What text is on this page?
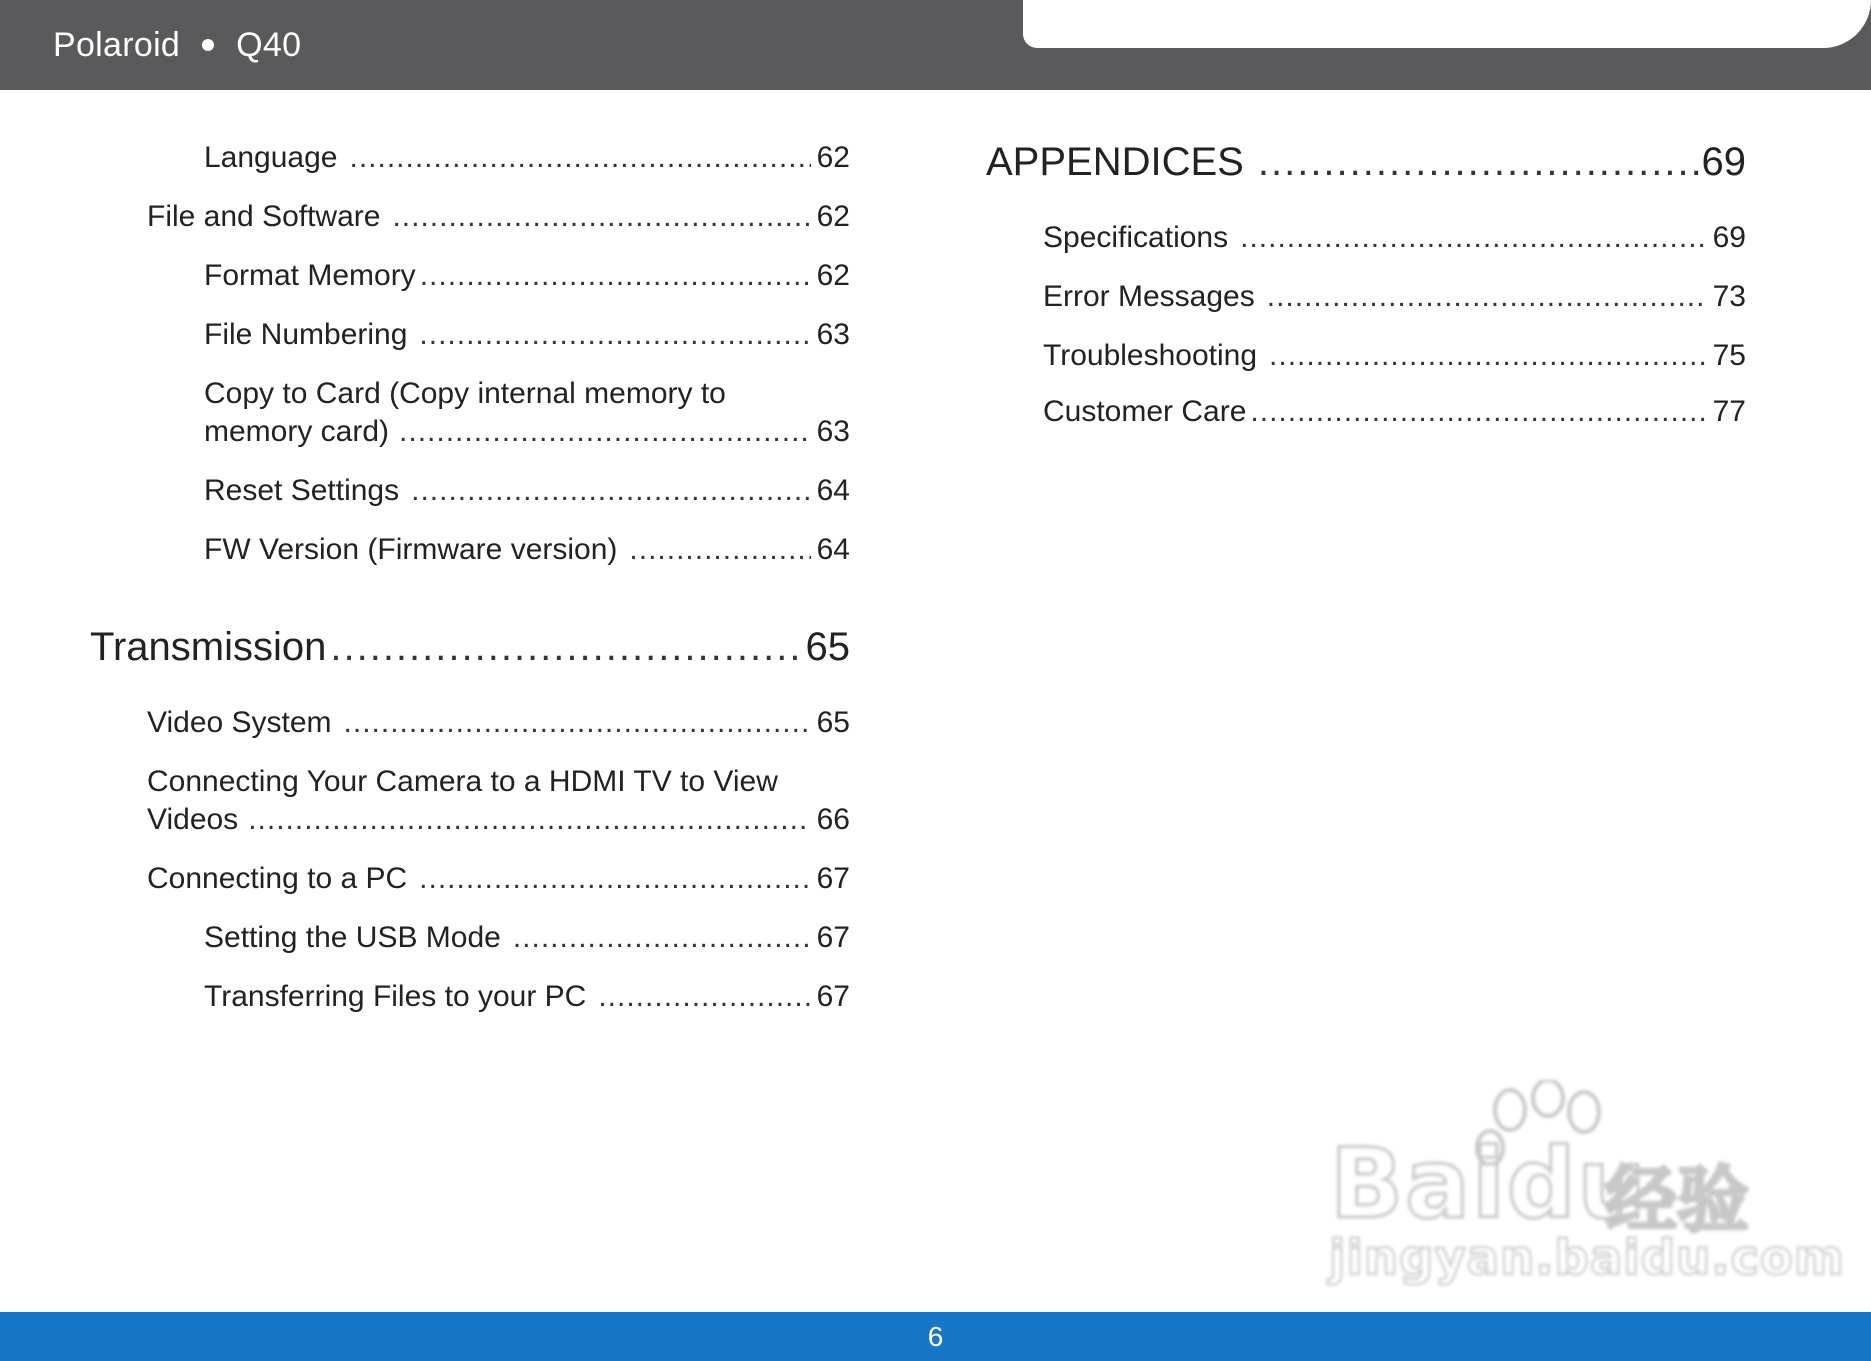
Polaroid Q40
Language .....	62
File and Software .....	62
Format Memory .....	62
File Numbering .....	63
Copy to Card (Copy internal memory to
memory card) .....	63
Reset Settings .....	64
FW Version (Firmware version) .....	64
Transmission .....	65
Video System .....	65
Connecting Your Camera to a HDMI TV to View
Videos .....	66
Connecting to a PC .....	67
Setting the USB Mode .....	67
Transferring Files to your PC .....	67
APPENDICES .....	69
Specifications .....	69
Error Messages .....	73
Troubleshooting .....	75
Customer Care .....	77
Baidu
经验
jingyan.baidu.com
6
